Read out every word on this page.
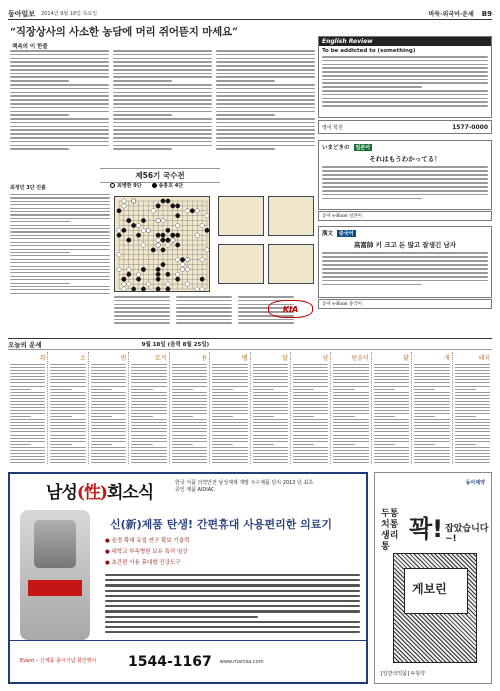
동아일보 2014년 9월 18일 목요일	바둑·외국어·운세 B9
“직장상사의 사소한 농담에 머리 쥐어뜯지 마세요”
책속의 이 한줄
English Review
To be addicted to (something)
영어 학원	1577-0000
いまどきの	일본어
それはもうわかってる！
동아 e-Book 일본어
漢文	중국어
高富帥 키 크고 돈 많고 잘생긴 남자
동아 e-Book 중국어
제56기 국수전
최정민 3단 진출	최병환 9단	송홍호 4단
KIA
오늘의 운세	9월 18일 (음력 8월 25일)
쥐	소	범	토끼	용	뱀	말	양	원숭이	닭	개	돼지
남성(性)회소식	한국 식품 의약안전 남성제제 개발 우수제품 단지 2013 년 최초 공인 제품 AIDIAC
신(新)제품 탄생! 간편휴대 사용편리한 의료기
● 음경 확대 유일 연구 확보 기술력
● 대학교 부속병원 보유 특허 임상
● 초간편 사용 휴대형 건강도구
Event – 신제품 출시기념 할인행사	1544-1167 www.manisa.com
동아제약
두통 치통 생리통
꽉! 잡았습니다~!
게보린
[일반의약품] 두통약
